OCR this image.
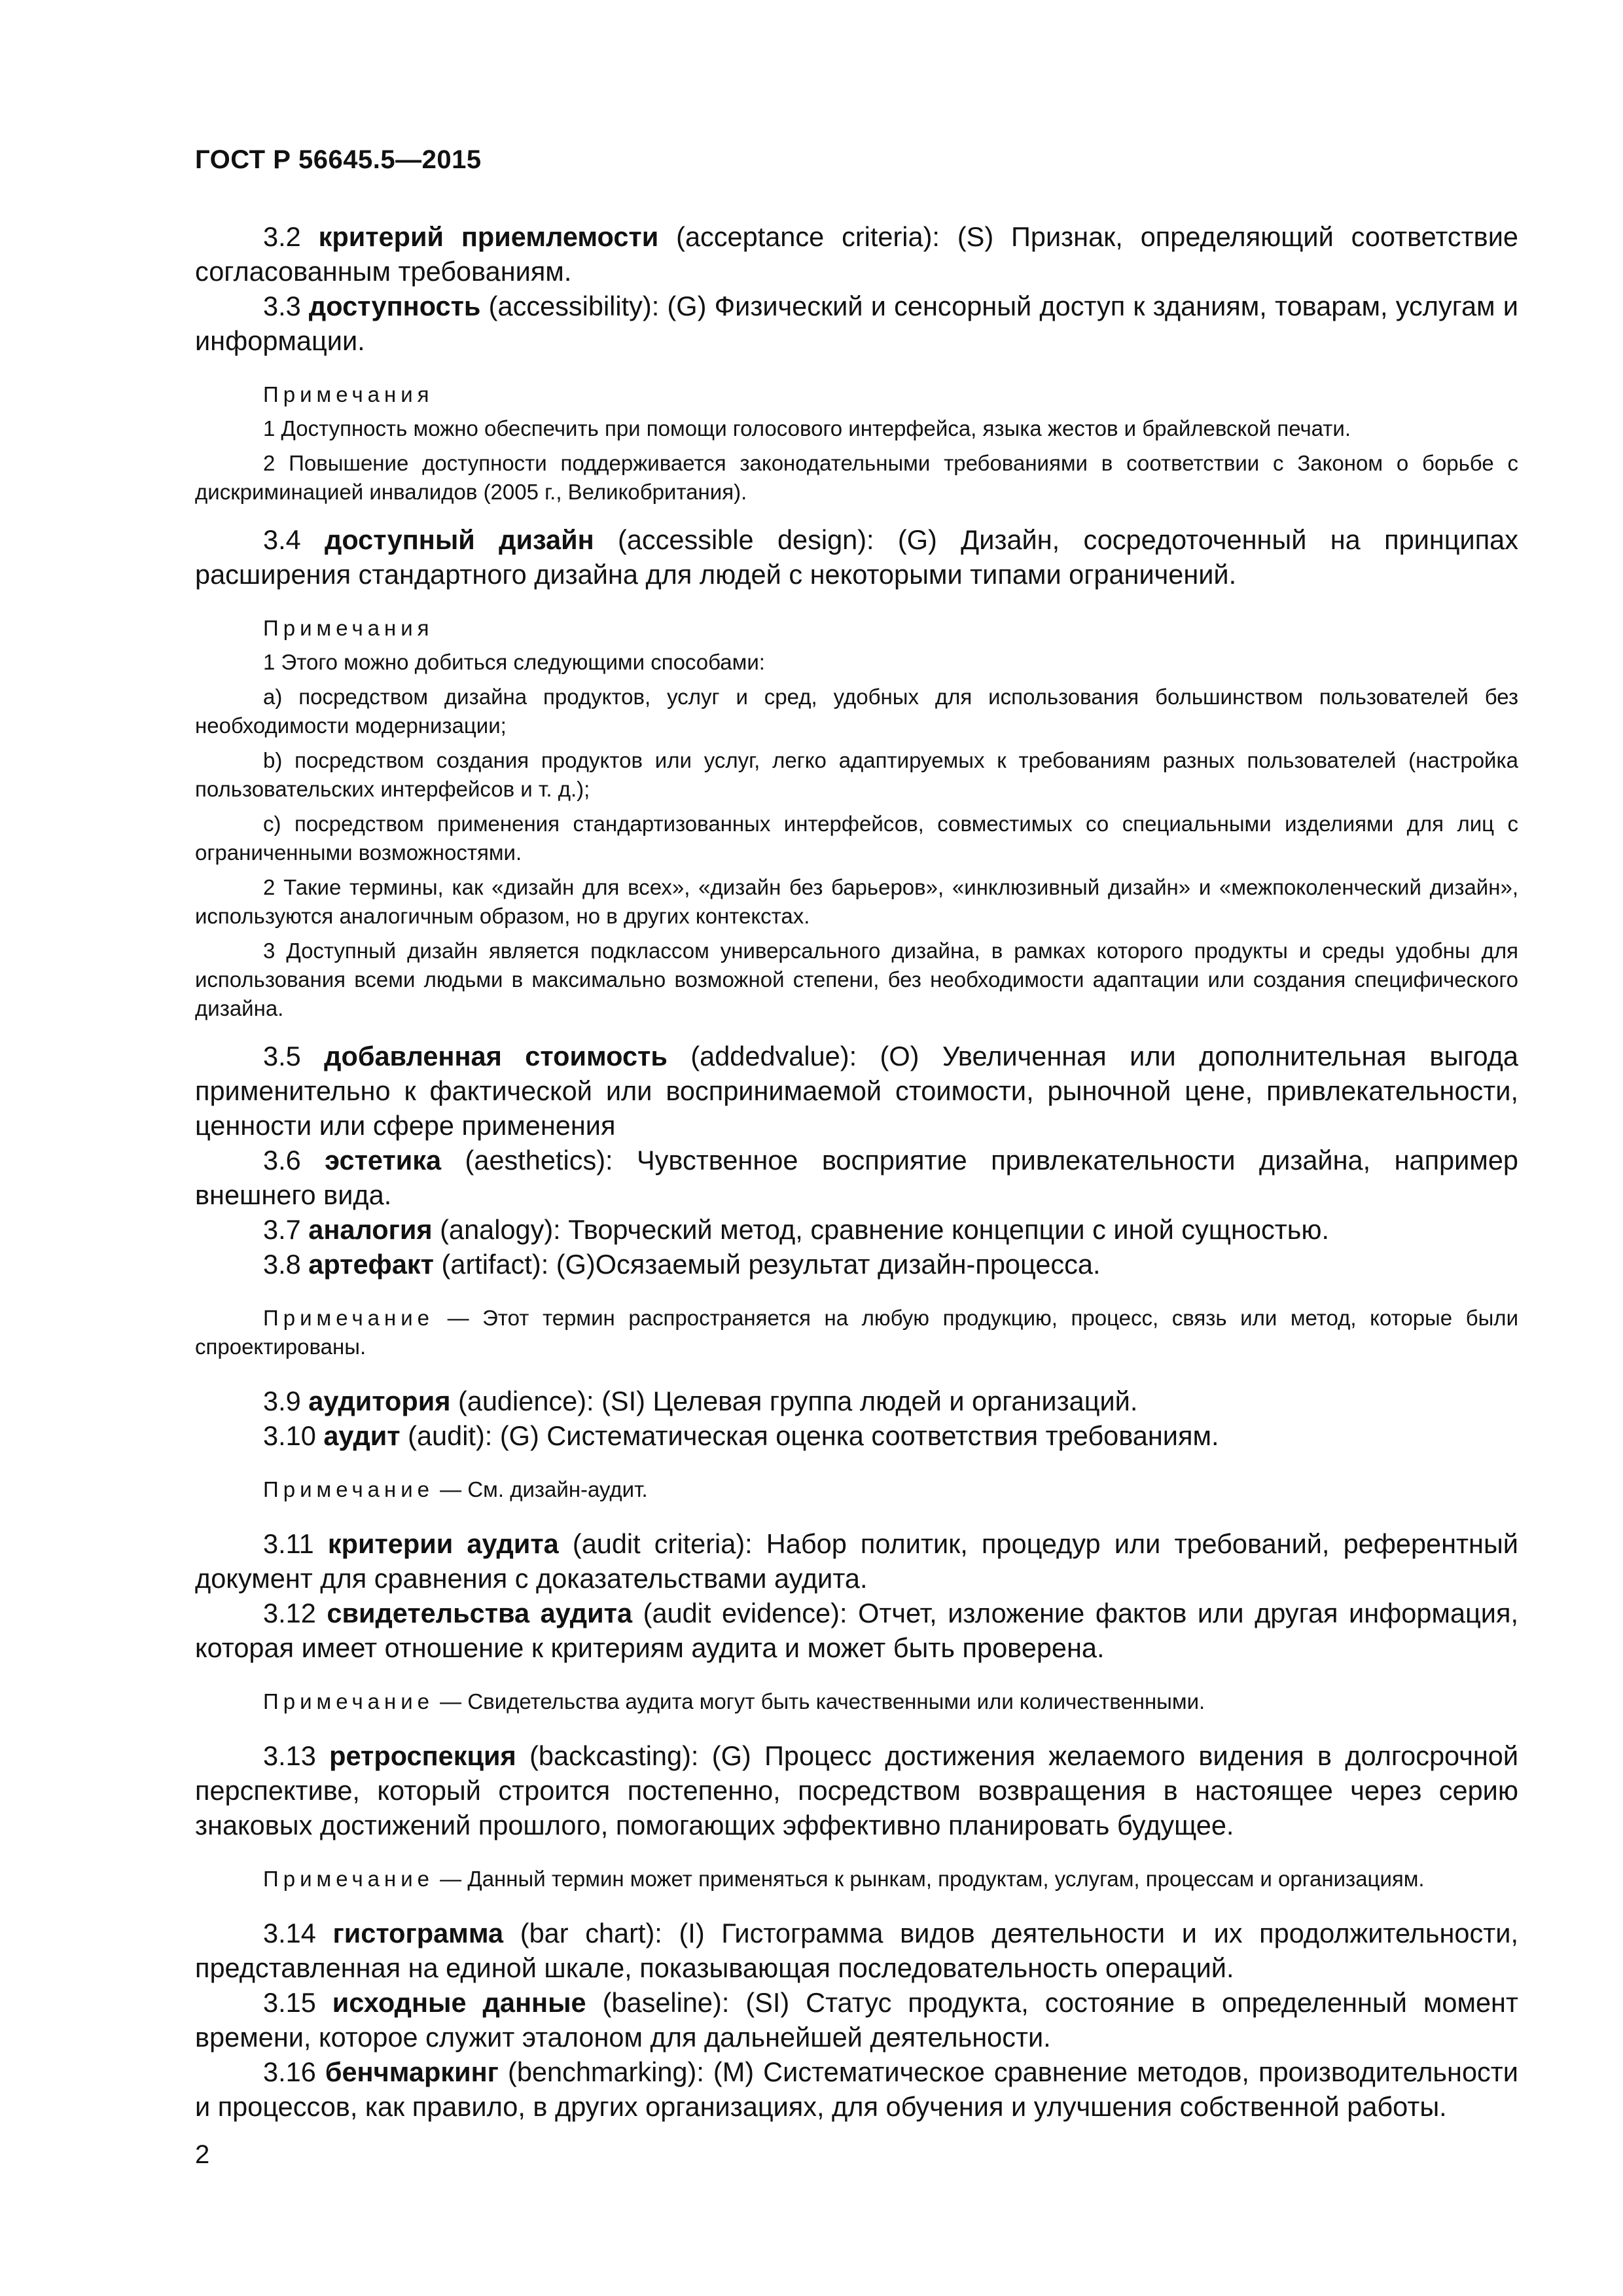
ГОСТ Р 56645.5—2015

3.2 критерий приемлемости (acceptance criteria): (S) Признак, определяющий соответствие согласованным требованиям.

3.3 доступность (accessibility): (G) Физический и сенсорный доступ к зданиям, товарам, услугам и информации.

Примечания

1 Доступность можно обеспечить при помощи голосового интерфейса, языка жестов и брайлевской печати.

2 Повышение доступности поддерживается законодательными требованиями в соответствии с Законом о борьбе с дискриминацией инвалидов (2005 г., Великобритания).

3.4 доступный дизайн (accessible design): (G) Дизайн, сосредоточенный на принципах расширения стандартного дизайна для людей с некоторыми типами ограничений.

Примечания

1 Этого можно добиться следующими способами:

a) посредством дизайна продуктов, услуг и сред, удобных для использования большинством пользователей без необходимости модернизации;

b) посредством создания продуктов или услуг, легко адаптируемых к требованиям разных пользователей (настройка пользовательских интерфейсов и т. д.);

c) посредством применения стандартизованных интерфейсов, совместимых со специальными изделиями для лиц с ограниченными возможностями.

2 Такие термины, как «дизайн для всех», «дизайн без барьеров», «инклюзивный дизайн» и «межпоколенческий дизайн», используются аналогичным образом, но в других контекстах.

3 Доступный дизайн является подклассом универсального дизайна, в рамках которого продукты и среды удобны для использования всеми людьми в максимально возможной степени, без необходимости адаптации или создания специфического дизайна.

3.5 добавленная стоимость (addedvalue): (O) Увеличенная или дополнительная выгода применительно к фактической или воспринимаемой стоимости, рыночной цене, привлекательности, ценности или сфере применения

3.6 эстетика (aesthetics): Чувственное восприятие привлекательности дизайна, например внешнего вида.

3.7 аналогия (analogy): Творческий метод, сравнение концепции с иной сущностью.

3.8 артефакт (artifact): (G)Осязаемый результат дизайн-процесса.

Примечание — Этот термин распространяется на любую продукцию, процесс, связь или метод, которые были спроектированы.

3.9 аудитория (audience): (SI) Целевая группа людей и организаций.

3.10 аудит (audit): (G) Систематическая оценка соответствия требованиям.

Примечание — См. дизайн-аудит.

3.11 критерии аудита (audit criteria): Набор политик, процедур или требований, референтный документ для сравнения с доказательствами аудита.

3.12 свидетельства аудита (audit evidence): Отчет, изложение фактов или другая информация, которая имеет отношение к критериям аудита и может быть проверена.

Примечание — Свидетельства аудита могут быть качественными или количественными.

3.13 ретроспекция (backcasting): (G) Процесс достижения желаемого видения в долгосрочной перспективе, который строится постепенно, посредством возвращения в настоящее через серию знаковых достижений прошлого, помогающих эффективно планировать будущее.

Примечание — Данный термин может применяться к рынкам, продуктам, услугам, процессам и организациям.

3.14 гистограмма (bar chart): (I) Гистограмма видов деятельности и их продолжительности, представленная на единой шкале, показывающая последовательность операций.

3.15 исходные данные (baseline): (SI) Статус продукта, состояние в определенный момент времени, которое служит эталоном для дальнейшей деятельности.

3.16 бенчмаркинг (benchmarking): (M) Систематическое сравнение методов, производительности и процессов, как правило, в других организациях, для обучения и улучшения собственной работы.

2
